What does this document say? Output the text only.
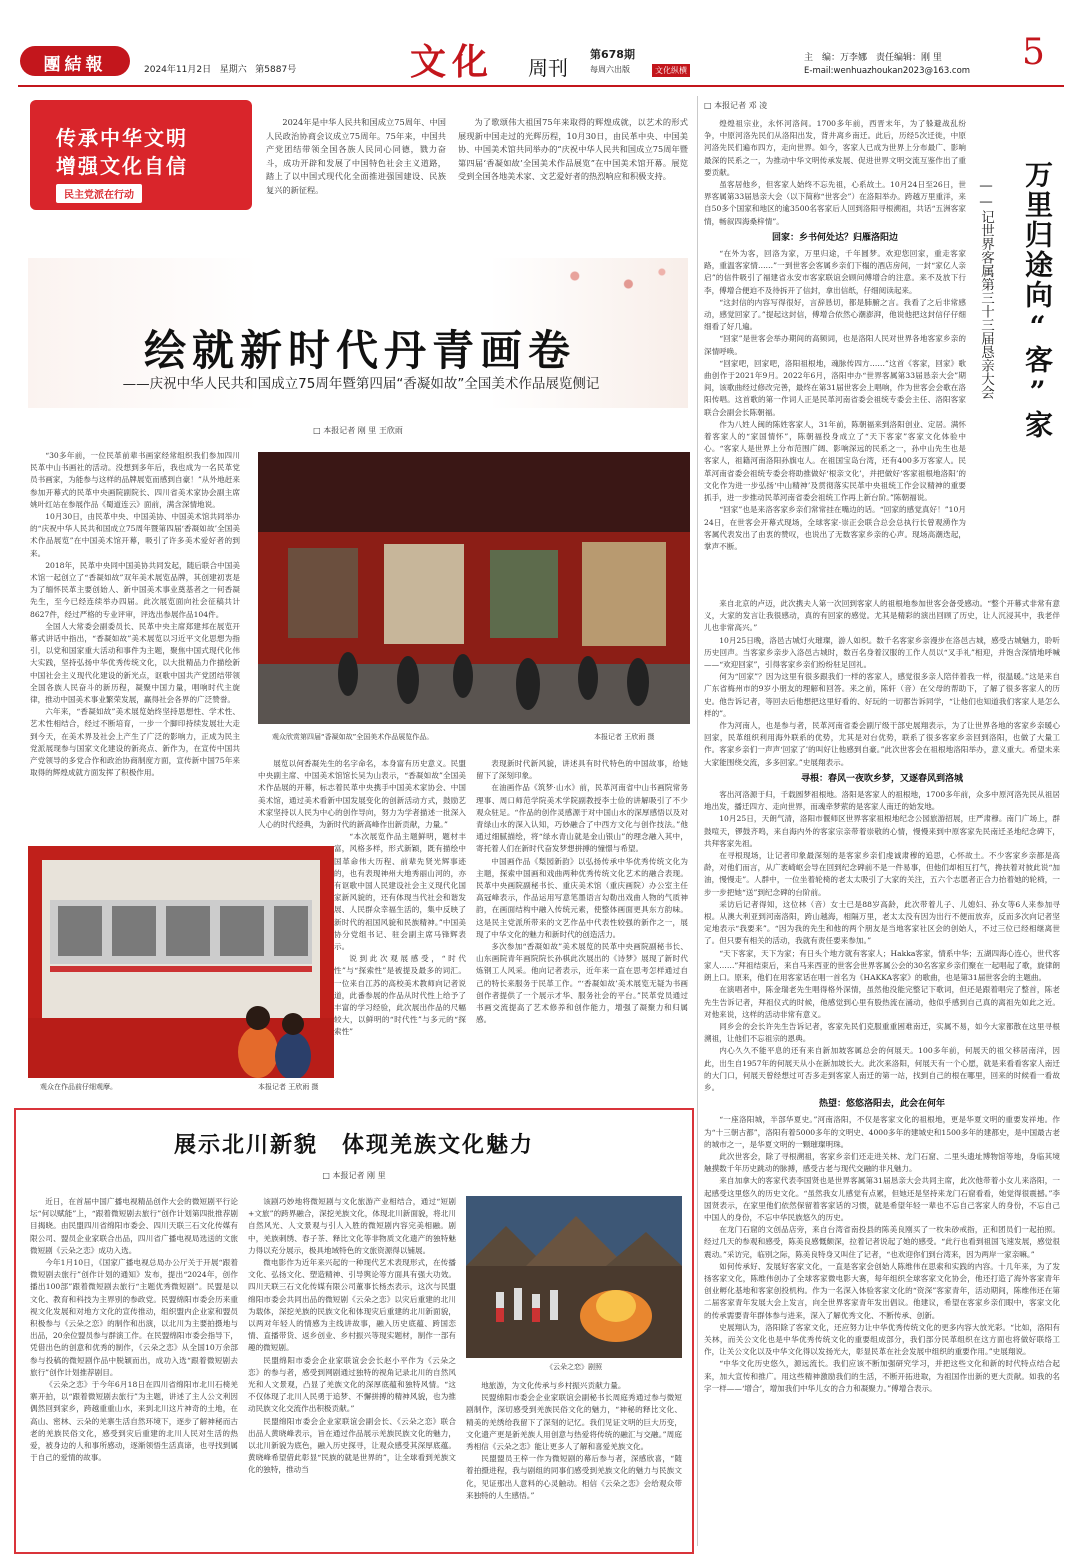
團結報	2024年11月2日 星期六 第5887号	文化 周刊
第678期
每周六出版	文化纵横
主　编：万李娜　责任编辑：刚 里
E-mail:wenhuazhoukan2023@163.com 5
传承中华文明
增强文化自信
民主党派在行动

2024年是中华人民共和国成立75周年、中国人民政治协商会议成立75周年。75年来，中国共产党团结带领全国各族人民同心同德，戮力奋斗，成功开辟和发展了中国特色社会主义道路，踏上了以中国式现代化全面推进强国建设、民族复兴的新征程。

为了歌颂伟大祖国75年来取得的辉煌成就，以艺术的形式展现新中国走过的光辉历程，10月30日，由民革中央、中国美协、中国美术馆共同举办的“庆祝中华人民共和国成立75周年暨第四届‘香凝如故’全国美术作品展览”在中国美术馆开幕。展览受到全国各地美术家、文艺爱好者的热烈响应和积极支持。

绘就新时代丹青画卷
——庆祝中华人民共和国成立75周年暨第四届“香凝如故”全国美术作品展览侧记
□ 本报记者 刚 里 王欣雨

“30多年前，一位民革前辈书画家经常组织我们参加四川民革中山书画社的活动。没想到多年后，我也成为一名民革党员书画家，为能参与这样的品牌展览而感到自豪！”从外地赶来参加开幕式的民革中央画院副院长、四川省美术家协会副主席姚叶红站在参展作品《蜀道连云》面前，满含深情地说。

10月30日，由民革中央、中国美协、中国美术馆共同举办的“庆祝中华人民共和国成立75周年暨第四届‘香凝如故’全国美术作品展览”在中国美术馆开幕，吸引了许多美术爱好者的到来。

2018年，民革中央同中国美协共同发起，随后联合中国美术馆一起创立了“香凝如故”双年美术展览品牌，其创建初衷是为了缅怀民革主要创始人、新中国美术事业奠基者之一何香凝先生，至今已经连续举办四届。此次展览面向社会征稿共计8627件，经过严格的专业评审，评选出参展作品104件。

全国人大常委会副委员长、民革中央主席郑建邦在展览开幕式讲话中指出，“香凝如故”美术展览以习近平文化思想为指引，以党和国家重大活动和事件为主题，聚焦中国式现代化伟大实践，坚持弘扬中华优秀传统文化，以大批精品力作描绘新中国社会主义现代化建设的新光点，讴歌中国共产党团结带领全国各族人民奋斗的新历程，凝聚中国力量，唱响时代主旋律，推动中国美术事业繁荣发展，赢得社会各界的广泛赞誉。

六年来，“香凝如故”美术展览始终坚持思想性、学术性、艺术性相结合，经过不断培育，一步一个脚印持续发展壮大走到今天，在美术界及社会上产生了广泛的影响力，正成为民主党派展现参与国家文化建设的新亮点、新作为，在宣传中国共产党领导的多党合作和政治协商制度方面，宣传新中国75年来取得的辉煌成就方面发挥了积极作用。

观众欣赏第四届“香凝如故”全国美术作品展览作品。	本报记者 王欣雨 摄

展览以何香凝先生的名字命名，本身富有历史意义。民盟中央副主席、中国美术馆馆长吴为山表示，“香凝如故”全国美术作品展的开幕，标志着民革中央携手中国美术家协会、中国美术馆，通过美术看新中国发展变化的创新活动方式，鼓励艺术家坚持以人民为中心的创作导向，努力为学者描述一批深入人心的时代经典，为新时代的新高峰作出新贡献，力量。”

“本次展览作品主题鲜明，题材丰富，风格多样，形式新颖，既有描绘中国革命伟大历程、前辈先贤光辉事迹的，也有表现神州大地秀丽山河的，亦有讴歌中国人民建设社会主义现代化国家新风貌的，还有体现当代社会和谐发展、人民群众幸福生活的，集中反映了新时代的祖国风貌和民族精神。”中国美协分党组书记、驻会副主席马锋辉表示。

说到此次观展感受，“时代性”与“探索性”是被提及最多的词汇。一位来自江苏的高校美术教师向记者说道，此番参展的作品从时代性上给予了丰富的学习经验，此次展出作品的尺幅较大，以鲜明的“时代性”与多元的“探索性”

表现新时代新风貌，讲述具有时代特色的中国故事，给她留下了深刻印象。

在油画作品《筑梦·山水》前，民革河南省中山书画院常务理事、周口师范学院美术学院副教授李士俭的讲解吸引了不少观众驻足。“作品的创作灵感源于对中国山水的深厚感悟以及对青绿山水的深入认知，巧妙融合了中西方文化与创作技法。”他通过细腻描绘，将“绿水青山就是金山银山”的理念融入其中，寄托着人们在新时代奋发梦想拼搏的憧憬与希望。

中国画作品《梨园新韵》以弘扬传承中华优秀传统文化为主题，探索中国画和戏曲两种优秀传统文化艺术的融合表现。民革中央画院副秘书长、重庆美术馆（重庆画院）办公室主任高冠峰表示，作品运用写意笔墨语言勾勒出戏曲人物的气质神韵，在画面结构中融入传统元素，使整体画面更具东方韵味。这是民主党派所带来的文艺作品中代表性较强的新作之一，展现了中华文化的魅力和新时代的创造活力。

多次参加“香凝如故”美术展览的民革中央画院副秘书长、山东画院青年画院院长孙棋此次展出的《诗梦》展现了新时代炼钢工人风采。他向记者表示，近年来一直在思考怎样通过自己的特长来服务于民革工作。“‘香凝如故’美术展览无疑为书画创作者提供了一个展示才华、服务社会的平台。”民革党员通过书画交流提高了艺术修养和创作能力，增强了凝聚力和归属感。

观众在作品前仔细观摩。	本报记者 王欣雨 摄
□ 本报记者 邓 凌
万里归途向“客”家
——记世界客属第三十三届恳亲大会

煌煌祖宗业，永怀河洛间。1700多年前，西晋末年，为了躲避战乱纷争，中原河洛先民们从洛阳出发，背井离乡南迁。此后，历经5次迁徙，中原河洛先民们遍布四方，走向世界。如今，客家人已成为世界上分布最广、影响最深的民系之一，为推动中华文明传承发展、促进世界文明交流互鉴作出了重要贡献。

虽客居他乡，但客家人始终不忘先祖，心系故土。10月24日至26日，世界客属第33届恳亲大会（以下简称“世客会”）在洛阳举办。跨越万里重洋，来自50多个国家和地区的逾3500名客家后人回到洛阳寻根溯祖，共话“五洲客家情，畅叙四海桑梓情”。

回家：乡书何处达？归雁洛阳边

“在外为客，回洛为家，万里归途，千年圆梦。欢迎您回家，重走客家路，重温客家情……”一到世客会客属乡亲们下榻的酒店房间，一封“家亿人亲启”的信件吸引了福建省永安市客家联谊会顾问傅增合的注意。来不及放下行李，傅增合便迫不及待拆开了信封，拿出信纸，仔细阅读起来。

“这封信的内容写得很好，言辞恳切，都是肺腑之言。我看了之后非常感动，感觉回家了。”提起这封信，傅增合依然心潮澎湃，他说他把这封信仔仔细细看了好几遍。

“回家”是世客会举办期间的高频词，也是洛阳人民对世界各地客家乡亲的深情呼唤。

“回家吧，回家吧，洛阳祖根地，魂脉传四方……”这首《客家，回家》歌曲创作于2021年9月。2022年6月，洛阳申办“世界客属第33届恳亲大会”期间，该歌曲经过修改完善，最终在第31届世客会上唱响，作为世客会会歌在洛阳传唱。这首歌的第一作词人正是民革河南省委会祖统专委会主任、洛阳客家联合会副会长陈朝福。

作为八姓人闽的陈姓客家人，31年前，陈朝福来到洛阳创业、定居。满怀着客家人的“家国情怀”，陈朝福投身成立了“天下客家”客家文化体验中心。“客家人是世界上分布范围广阔、影响深远的民系之一，孙中山先生也是客家人，祖籍河南洛阳孙旗屯人。在祖国宝岛台湾，还有400多万客家人。民革河南省委会祖统专委会将助推做好‘根亲文化’，并把做好‘客家祖根地洛阳’的文化作为进一步弘扬‘中山精神’及贯彻落实民革中央祖统工作会议精神的重要抓手，进一步推动民革河南省委会祖统工作再上新台阶。”陈朝福说。

“回家”也是来洛客家乡亲们常常挂在嘴边的话。“回家的感觉真好！”10月24日，在世客会开幕式现场，全球客家·崇正会联合总会总执行长曾观湧作为客属代表发出了由衷的赞叹，也说出了无数客家乡亲的心声。现场高潮迭起，掌声不断。

来自北京的卢迈，此次携夫人第一次回到客家人的祖根地参加世客会备受感动。“整个开幕式非常有意义，大家的发言让我很感动，真的有回家的感觉。尤其是精彩的演出回顾了历史，让人沉浸其中，我老伴儿也非常高兴。”

10月25日晚，洛邑古城灯火璀璨，游人如织。数千名客家乡亲漫步在洛邑古城，感受古城魅力，聆听历史回声。当客家乡亲步入洛邑古城时，数百名身着汉服的工作人员以“叉手礼”相迎，并饱含深情地呼喊——“欢迎回家”，引得客家乡亲们纷纷驻足回礼。

何为“回家”？因为这里有很多跟我们一样的客家人，感觉很多亲人陪伴着我一样，很温暖。”这是来自广东省梅州市的9岁小朋友的理解和回答。来之前，陈轩（音）在父母的帮助下，了解了很多客家人的历史。他告诉记者，等回去后他想把这里好看的、好玩的一切都告诉同学，“让他们也知道我们客家人是怎么样的”。

作为河南人，也是参与者，民革河南省委会副厅级干部史展翔表示，为了让世界各地的客家乡亲暖心回家，民革组织利用海外联系的优势，尤其是对台优势，联系了很多客家乡亲回到洛阳，也做了大量工作。客家乡亲们一声声‘回家了’的叫好让他感到自豪。”此次世客会在祖根地洛阳举办，意义重大。希望未来大家能围绕交流，多多回家。”史展翔表示。

寻根：春风一夜吹乡梦，又逐春风到洛城

客出河洛源于归，千载圆梦祖根地。洛阳是客家人的祖根地，1700多年前，众多中原河洛先民从祖居地出发，播迁四方、走向世界，而魂牵梦萦的是客家人南迁的始发地。

10月25日，天朗气清，洛阳市偃师区世界客家祖根地纪念公园旅游招展，庄严肃穆。南门广场上，群鼓喧天，锣鼓齐鸣，来自海内外的客家宗亲带着崇敬的心情，慢慢来到中原客家先民南迁圣地纪念碑下，共拜客家先祖。

在寻根现场，让记者印象最深刻的是客家乡亲们虔诚肃穆的追思，心怀故土。不少客家乡亲都是高龄，对他们而言，从广袤崎岖会导在回到纪念碑前不是一件易事，但他们却相互打气，搀扶着对彼此说“加油，慢慢走”。人群中，一位坐着轮椅的老太太吸引了大家的关注，五六个志愿者正合力抬着她的轮椅，一步一步把她“送”到纪念碑的台阶前。

采访后记者得知，这位林（音）女士已是88岁高龄，此次带着儿子、儿媳妇、孙女等6人来参加寻根。从澳大利亚到河南洛阳，跨山越海，相隔万里，老太太没有因为出行不便而放弃，反而多次向记者坚定地表示“我要来”。“因为我的先生和他的两个朋友是当地客家社区会的创始人，不过三位已经相继离世了。但只要有相关的活动，我就有责任要来参加。”

“天下客家，天下为家；有日头个地方就有客家人；Hakka客家，情系中华；五湖四海心连心，世代客家人……”拜祖结束后，来自马来西亚的世客会世界客属公会的30名客家乡亲们聚在一起唱起了歌，旋律朗朗上口。原来，他们在用客家话在唱一首名为《HAKKA客家》的歌曲，也是第31届世客会的主题曲。

在演唱者中，陈金瑞老先生唱得格外深情，虽然他没能完整记下歌词，但还是跟着唱完了整首，陈老先生告诉记者，拜祖仪式的时候，他感觉到心里有股热流在涌动，他似乎感到自己真的离祖先如此之近。对他来说，这样的活动非常有意义。

同乡会的会长许先生告诉记者，客家先民们克服重重困难南迁，实属不易，如今大家都散在这里寻根溯祖，让他们不忘祖宗的恩典。

内心久久不能平息的还有来自新加坡客属总会的何展天。100多年前，何展天的祖父移居南洋，因此，出生自1957年的何展天从小在新加坡长大。此次来洛阳，何展天有一个心愿，就是来看看客家人南迁的大门口，何展天曾经想过可否多走到客家人南迁的第一站，找到自己的根在哪里，回来的时候看一看故乡。

热望：悠悠洛阳去，此会在何年

“一座洛阳城，半部华夏史。”河南洛阳，不仅是客家文化的祖根地，更是华夏文明的重要发祥地。作为“十三朝古都”，洛阳有着5000多年的文明史、4000多年的建城史和1500多年的建都史，是中国最古老的城市之一，是华夏文明的一颗璀璨明珠。

此次世客会，除了寻根溯祖，客家乡亲们还走进关林、龙门石窟、二里头遗址博物馆等地，身临其境触摸数千年历史跳动的脉搏，感受古老与现代交融的非凡魅力。

来自加拿大的客家代表李国贤也是世界客属第31届恳亲大会共同主席，此次他带着小女儿来洛阳，一起感受这里悠久的历史文化。“虽然我女儿感觉有点累，但她还是坚持来龙门石窟看看，她觉得很震撼。”李国贤表示，在家里他们依然保留着客家话的习惯，就是希望年轻一辈也不忘自己客家人的身份，不忘自己中国人的身份，不忘中华民族悠久的历史。

在龙门石窟的文创品店旁，来自台湾省南投县的陈美良刚买了一枚朱砂戒指，正和团员们一起拍照。经过几天的参观和感受，陈美良感慨颇深，拉着记者说起了她的感受。“此行也看到祖国飞速发展，感觉很震动。”采访完，临别之际，陈美良特身又叫住了记者，“也欢迎你们到台湾来，因为两岸一家亲嘛。”

如何传承好、发展好客家文化，一直是客家会创始人陈维伟在思索和实践的内容。十几年来，为了发扬客家文化，陈维伟创办了全球客家微电影大赛，每年组织全球客家文化协会，他还打造了海外客家青年创业孵化基地和客家创投机构。作为一名深入体验客家文化的“资深”客家青年，活动期间，陈维伟还在第二届客家青年发展大会上发言，向全世界客家青年发出倡议。他建议，希望在客家乡亲们眼中，客家文化的传承需要青年群体参与进来，深入了解优秀文化、不断传承、创新。

史展翔认为，洛阳除了客家文化，还应努力让中华优秀传统文化的更多内容大放光彩。“比如，洛阳有关林，而关公文化也是中华优秀传统文化的重要组成部分，我们部分民革组织在这方面也将做好联络工作，让关公文化以及中华文化得以发扬光大，彰显民革在社会发展中组织的重要作用。”史展翔说。

“中华文化历史悠久，源远流长。我们应该不断加强研究学习，并把这些文化和新的时代特点结合起来，加大宣传和推广。用这些精神激励我们的生活，不断开拓进取，为祖国作出新的更大贡献。如我的名字一样——‘增合’，增加我们中华儿女的合力和凝聚力。”傅增合表示。

展示北川新貌　体现羌族文化魅力
□ 本报记者 刚 里

近日，在首届中国广播电视精品创作大会的微短剧平行论坛“何以赋能”上，“跟着微短剧去旅行”创作计划第四批推荐剧目揭晓。由民盟四川省绵阳市委会、四川天联三石文化传媒有限公司、盟员企业家联合出品，四川省广播电视局选送的文旅微短剧《云朵之恋》成功入选。

今年1月10日，《国家广播电视总局办公厅关于开展“跟着微短剧去旅行”创作计划的通知》发布，提出“2024年，创作播出100部”跟着微短剧去旅行“主题优秀微短剧”。民盟是以文化、教育和科技为主界别的参政党。民盟绵阳市委会历来重视文化发展和对地方文化的宣传推动，组织盟内企业家和盟员积极参与《云朵之恋》的制作和出演，以北川为主要拍摄地与出品，20余位盟员参与群演工作。在民盟绵阳市委会指导下，凭借出色的创意和优秀的制作，《云朵之恋》从全国10万余部参与投稿的微短剧作品中脱颖而出，成功入选“跟着微短剧去旅行”创作计划推荐剧目。

《云朵之恋》于今年6月18日在四川省绵阳市北川石椅羌寨开拍，以“跟着微短剧去旅行”为主题，讲述了主人公文利因偶然回到家乡，跨越重重山水，来到北川这片神奇的土地，在高山、密林、云朵的羌寨生活自然环境下，逐步了解神秘而古老的羌族民俗文化，感受到灾后重建的北川人民对生活的热爱，被身边的人和事所感动，逐渐领悟生活真谛，也寻找到属于自己的爱情的故事。

该剧巧妙地将微短剧与文化旅游产业相结合，通过“短剧+文旅”的跨界融合，深挖羌族文化，体现北川新面貌，将北川自然风光、人文景观与引人入胜的微短剧内容完美相融。剧中，羌族刺绣、春子茶、释比文化等非物质文化遗产的独特魅力得以充分展示，极具地域特色的文旅资源得以铺展。

微电影作为近年来兴起的一种现代艺术表现形式，在传播文化、弘扬文化、塑造精神、引导舆论等方面具有强大功效。四川天联三石文化传媒有限公司董事长杨杰表示，这次与民盟绵阳市委会共同出品的微短剧《云朵之恋》以灾后重建的北川为载体，深挖羌族的民族文化和体现灾后重建的北川新面貌，以两对年轻人的情感为主线讲故事，融入历史底蕴、跨国恋情、直播带货、返乡创业、乡村振兴等现实题材，制作一部有趣的微短剧。

民盟绵阳市委会企业家联谊会会长赵小平作为《云朵之恋》的参与者，感受到网剧通过独特的视角记录北川的自然风光和人文景观，凸显了羌族文化的深厚底蕴和独特风情。“这不仅体现了北川人民勇于追梦、不懈拼搏的精神风貌，也为推动民族文化交流作出积极贡献。”

民盟绵阳市委会企业家联谊会副会长、《云朵之恋》联合出品人黄晓峰表示，旨在通过作品展示羌族民族文化的魅力，以北川新貌为底色，融入历史探寻，让观众感受其深厚底蕴。黄晓峰希望借此彰显“民族的就是世界的”，让全球看到羌族文化的独特，推动当

《云朵之恋》剧照

地旅游，为文化传承与乡村振兴贡献力量。

民盟绵阳市委会企业家联谊会副秘书长周庭秀通过参与微短剧制作，深切感受到羌族民俗文化的魅力，“神秘的释比文化、精美的羌绣给我留下了深刻的记忆。我们见证文明的巨大历变，文化遗产更是新羌族人用创意与热爱将传统的融汇与交融。”周庭秀相信《云朵之恋》能让更多人了解和喜爱羌族文化。

民盟盟员王梓一作为微短剧的幕后参与者，深感欣喜，“随着拍摄进程，我与剧组的同事们感受到羌族文化的魅力与民族文化，见证那出人意料的心灵触动。相信《云朵之恋》会给观众带来独特的人生感悟。”
